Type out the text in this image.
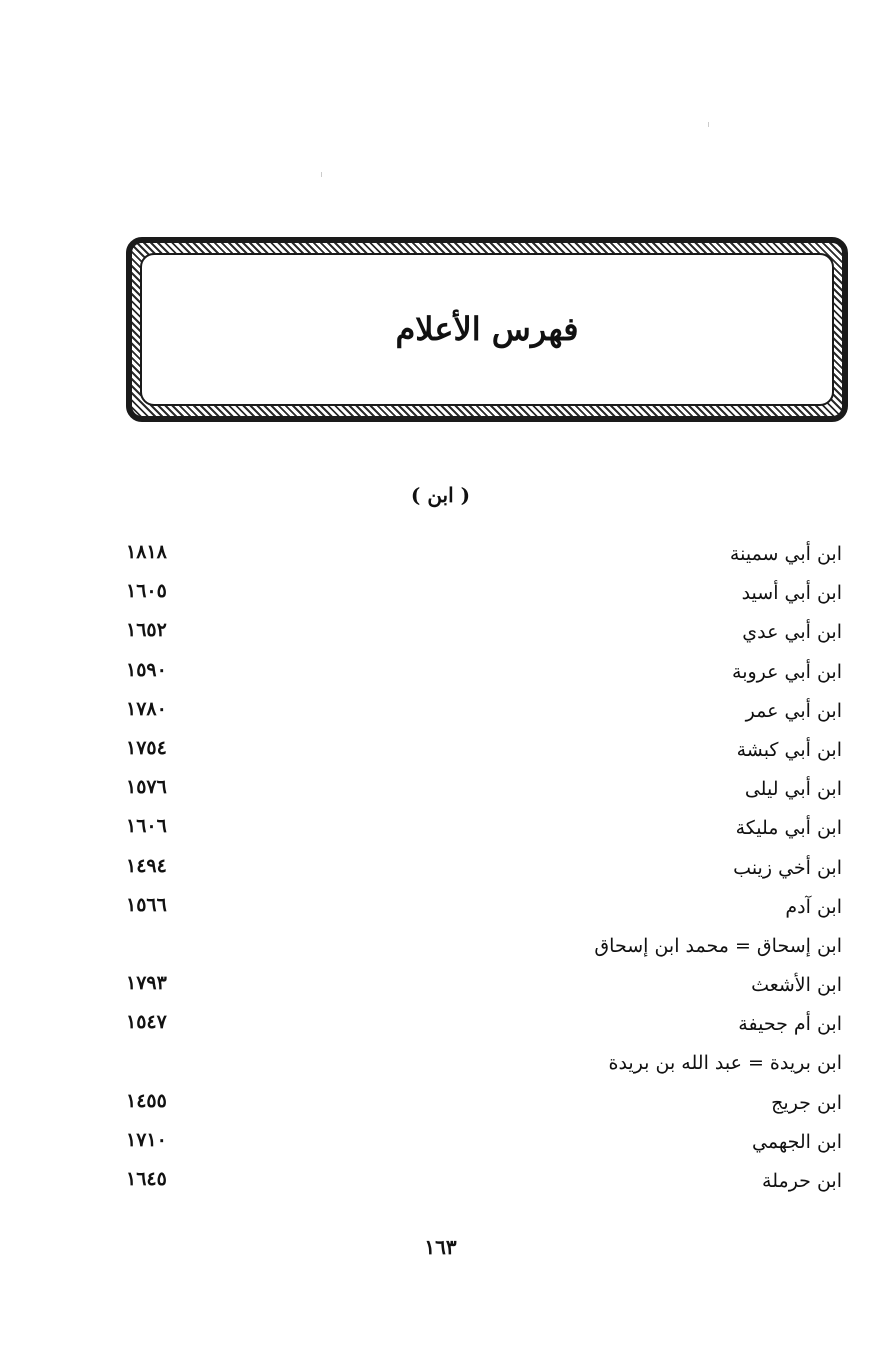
فهرس الأعلام
( ابن )
ابن أبي سمينة
١٨١٨
ابن أبي أسيد
١٦٠٥
ابن أبي عدي
١٦٥٢
ابن أبي عروبة
١٥٩٠
ابن أبي عمر
١٧٨٠
ابن أبي كبشة
١٧٥٤
ابن أبي ليلى
١٥٧٦
ابن أبي مليكة
١٦٠٦
ابن أخي زينب
١٤٩٤
ابن آدم
١٥٦٦
ابن إسحاق = محمد ابن إسحاق
ابن الأشعث
١٧٩٣
ابن أم جحيفة
١٥٤٧
ابن بريدة = عبد الله بن بريدة
ابن جريج
١٤٥٥
ابن الجهمي
١٧١٠
ابن حرملة
١٦٤٥
١٦٣
